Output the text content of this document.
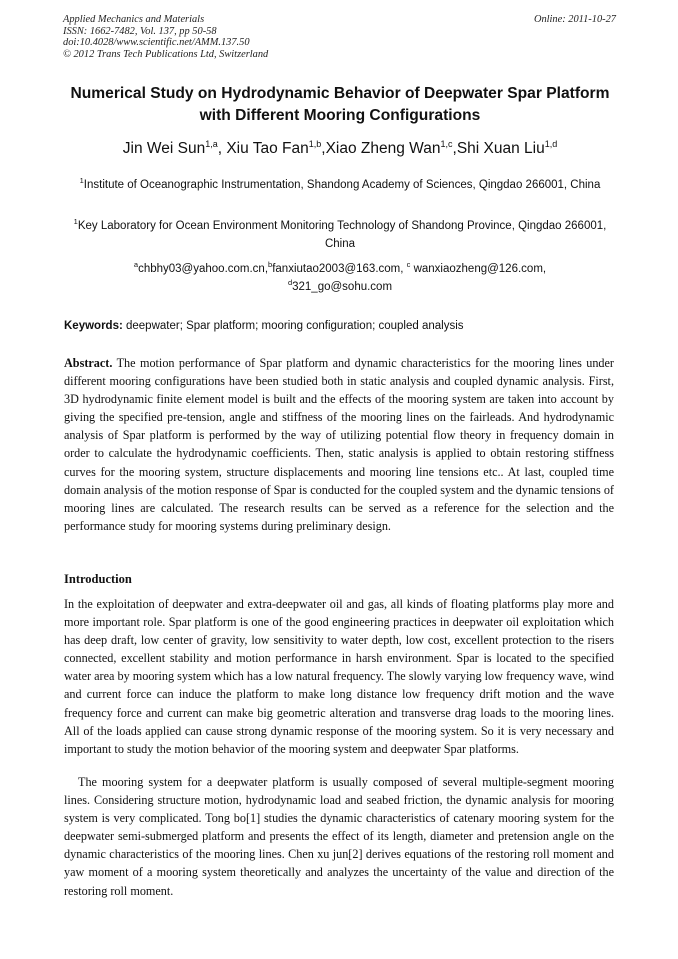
Applied Mechanics and Materials
ISSN: 1662-7482, Vol. 137, pp 50-58
doi:10.4028/www.scientific.net/AMM.137.50
© 2012 Trans Tech Publications Ltd, Switzerland
Online: 2011-10-27
Numerical Study on Hydrodynamic Behavior of Deepwater Spar Platform
with Different Mooring Configurations
Jin Wei Sun$^{1,a}$, Xiu Tao Fan$^{1,b}$,Xiao Zheng Wan$^{1,c}$,Shi Xuan Liu$^{1,d}$
$^1$Institute of Oceanographic Instrumentation, Shandong Academy of Sciences, Qingdao 266001, China
$^1$Key Laboratory for Ocean Environment Monitoring Technology of Shandong Province, Qingdao 266001, China
$^a$chbhy03@yahoo.com.cn,$^b$fanxiutao2003@163.com, $^c$ wanxiaozheng@126.com,
$^d$321_go@sohu.com
Keywords: deepwater; Spar platform; mooring configuration; coupled analysis
Abstract. The motion performance of Spar platform and dynamic characteristics for the mooring lines under different mooring configurations have been studied both in static analysis and coupled dynamic analysis. First, 3D hydrodynamic finite element model is built and the effects of the mooring system are taken into account by giving the specified pre-tension, angle and stiffness of the mooring lines on the fairleads. And hydrodynamic analysis of Spar platform is performed by the way of utilizing potential flow theory in frequency domain in order to calculate the hydrodynamic coefficients. Then, static analysis is applied to obtain restoring stiffness curves for the mooring system, structure displacements and mooring line tensions etc.. At last, coupled time domain analysis of the motion response of Spar is conducted for the coupled system and the dynamic tensions of mooring lines are calculated. The research results can be served as a reference for the selection and the performance study for mooring systems during preliminary design.
Introduction
In the exploitation of deepwater and extra-deepwater oil and gas, all kinds of floating platforms play more and more important role. Spar platform is one of the good engineering practices in deepwater oil exploitation which has deep draft, low center of gravity, low sensitivity to water depth, low cost, excellent protection to the risers connected, excellent stability and motion performance in harsh environment. Spar is located to the specified water area by mooring system which has a low natural frequency. The slowly varying low frequency wave, wind and current force can induce the platform to make long distance low frequency drift motion and the wave frequency force and current can make big geometric alteration and transverse drag loads to the mooring lines. All of the loads applied can cause strong dynamic response of the mooring system. So it is very necessary and important to study the motion behavior of the mooring system and deepwater Spar platforms.
The mooring system for a deepwater platform is usually composed of several multiple-segment mooring lines. Considering structure motion, hydrodynamic load and seabed friction, the dynamic analysis for mooring system is very complicated. Tong bo[1] studies the dynamic characteristics of catenary mooring system for the deepwater semi-submerged platform and presents the effect of its length, diameter and pretension angle on the dynamic characteristics of the mooring lines. Chen xu jun[2] derives equations of the restoring roll moment and yaw moment of a mooring system theoretically and analyzes the uncertainty of the value and direction of the restoring roll moment.
